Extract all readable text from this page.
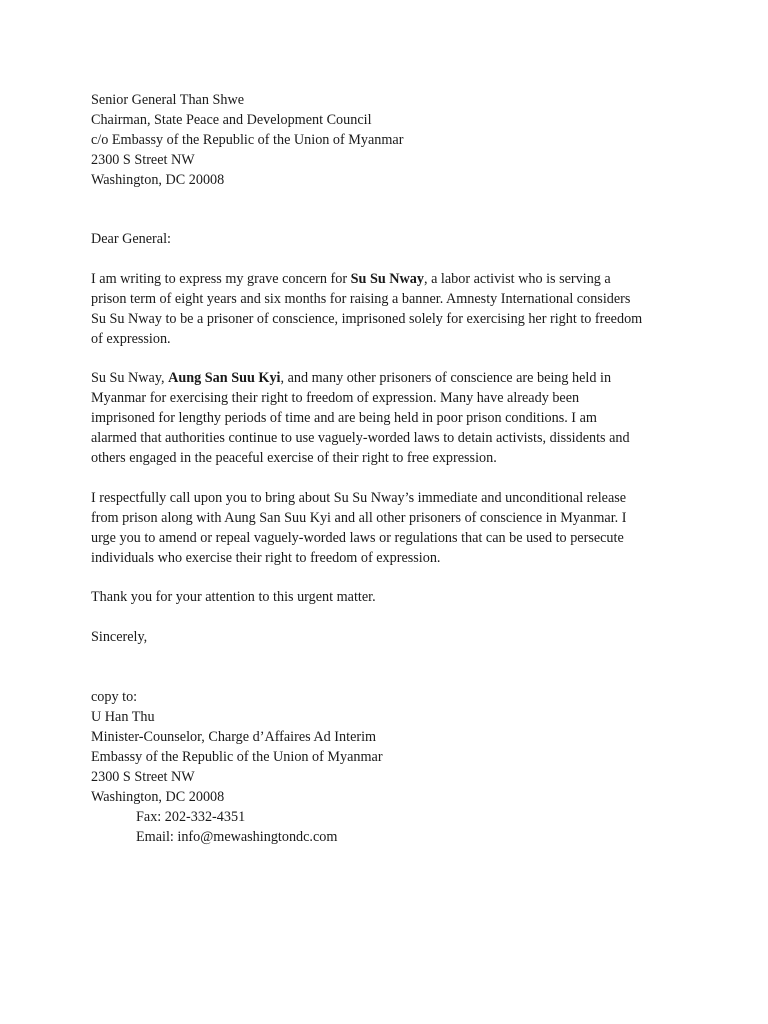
Senior General Than Shwe
Chairman, State Peace and Development Council
c/o Embassy of the Republic of the Union of Myanmar
2300 S Street NW
Washington, DC 20008
Dear General:
I am writing to express my grave concern for Su Su Nway, a labor activist who is serving a
prison term of eight years and six months for raising a banner. Amnesty International considers
Su Su Nway to be a prisoner of conscience, imprisoned solely for exercising her right to freedom
of expression.
Su Su Nway, Aung San Suu Kyi, and many other prisoners of conscience are being held in
Myanmar for exercising their right to freedom of expression. Many have already been
imprisoned for lengthy periods of time and are being held in poor prison conditions. I am
alarmed that authorities continue to use vaguely-worded laws to detain activists, dissidents and
others engaged in the peaceful exercise of their right to free expression.
I respectfully call upon you to bring about Su Su Nway’s immediate and unconditional release
from prison along with Aung San Suu Kyi and all other prisoners of conscience in Myanmar. I
urge you to amend or repeal vaguely-worded laws or regulations that can be used to persecute
individuals who exercise their right to freedom of expression.
Thank you for your attention to this urgent matter.
Sincerely,
copy to:
U Han Thu
Minister-Counselor, Charge d’Affaires Ad Interim
Embassy of the Republic of the Union of Myanmar
2300 S Street NW
Washington, DC 20008
Fax: 202-332-4351
Email: info@mewashingtondc.com
